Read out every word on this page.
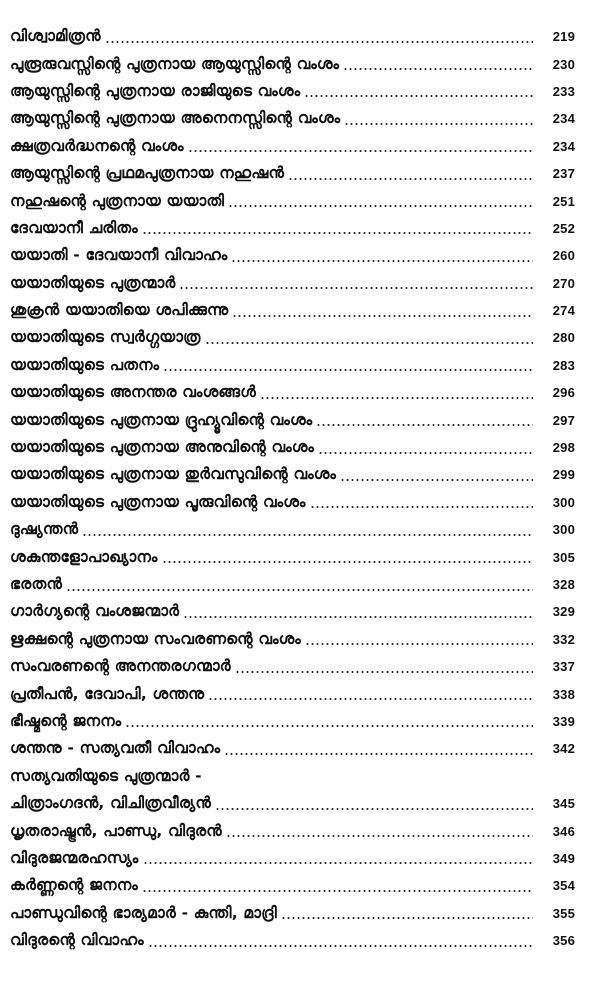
വിശ്വാമിത്രൻ	219
പുരൂരുവസ്സിന്റെ പുത്രനായ ആയുസ്സിന്റെ വംശം	230
ആയുസ്സിന്റെ പുത്രനായ രാജിയുടെ വംശം	233
ആയുസ്സിന്റെ പുത്രനായ അനെനസ്സിന്റെ വംശം	234
ക്ഷത്രവർദ്ധനന്റെ വംശം	234
ആയുസ്സിന്റെ പ്രഥമപുത്രനായ നഹുഷൻ	237
നഹുഷന്റെ പുത്രനായ യയാതി	251
ദേവയാനീ ചരിതം	252
യയാതി - ദേവയാനീ വിവാഹം	260
യയാതിയുടെ പുത്രന്മാർ	270
ശുക്രൻ യയാതിയെ ശപിക്കുന്നു	274
യയാതിയുടെ സ്വർഗ്ഗയാത്ര	280
യയാതിയുടെ പതനം	283
യയാതിയുടെ അനന്തര വംശങ്ങൾ	296
യയാതിയുടെ പുത്രനായ ദ്രുഹ്യൂവിന്റെ വംശം	297
യയാതിയുടെ പുത്രനായ അനുവിന്റെ വംശം	298
യയാതിയുടെ പുത്രനായ തുർവസുവിന്റെ വംശം	299
യയാതിയുടെ പുത്രനായ പൂരുവിന്റെ വംശം	300
ദുഷ്യന്തൻ	300
ശകുന്തളോപാഖ്യാനം	305
ഭരതൻ	328
ഗാർഗ്യന്റെ വംശജന്മാർ	329
ഋക്ഷന്റെ പുത്രനായ സംവരണന്റെ വംശം	332
സംവരണന്റെ അനന്തരഗന്മാർ	337
പ്രതീപൻ, ദേവാപി, ശന്തനു	338
ഭീഷ്മന്റെ ജനനം	339
ശന്തനു - സത്യവതീ വിവാഹം	342
സത്യവതിയുടെ പുത്രന്മാർ -
ചിത്രാംഗദൻ, വിചിത്രവീര്യൻ	345
ധൃതരാഷ്ട്രൻ, പാണ്ഡു, വിദുരൻ	346
വിദുരജന്മരഹസ്യം	349
കർണ്ണന്റെ ജനനം	354
പാണ്ഡുവിന്റെ ഭാര്യമാർ - കുന്തി, മാദ്രി	355
വിദുരന്റെ വിവാഹം	356
